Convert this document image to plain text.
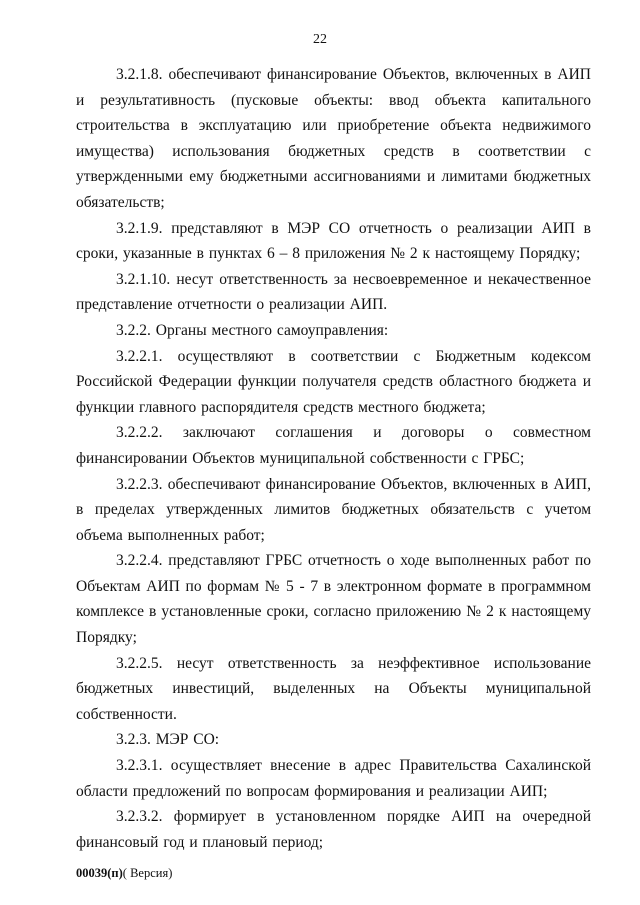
22

3.2.1.8. обеспечивают финансирование Объектов, включенных в АИП и результативность (пусковые объекты: ввод объекта капитального строительства в эксплуатацию или приобретение объекта недвижимого имущества) использования бюджетных средств в соответствии с утвержденными ему бюджетными ассигнованиями и лимитами бюджетных обязательств;

3.2.1.9. представляют в МЭР СО отчетность о реализации АИП в сроки, указанные в пунктах 6 – 8 приложения № 2 к настоящему Порядку;

3.2.1.10. несут ответственность за несвоевременное и некачественное представление отчетности о реализации АИП.

3.2.2. Органы местного самоуправления:

3.2.2.1. осуществляют в соответствии с Бюджетным кодексом Российской Федерации функции получателя средств областного бюджета и функции главного распорядителя средств местного бюджета;

3.2.2.2. заключают соглашения и договоры о совместном финансировании Объектов муниципальной собственности с ГРБС;

3.2.2.3. обеспечивают финансирование Объектов, включенных в АИП, в пределах утвержденных лимитов бюджетных обязательств с учетом объема выполненных работ;

3.2.2.4. представляют ГРБС отчетность о ходе выполненных работ по Объектам АИП по формам № 5 - 7 в электронном формате в программном комплексе в установленные сроки, согласно приложению № 2 к настоящему Порядку;

3.2.2.5. несут ответственность за неэффективное использование бюджетных инвестиций, выделенных на Объекты муниципальной собственности.

3.2.3. МЭР СО:

3.2.3.1. осуществляет внесение в адрес Правительства Сахалинской области предложений по вопросам формирования и реализации АИП;

3.2.3.2. формирует в установленном порядке АИП на очередной финансовый год и плановый период;

00039(п)( Версия)
